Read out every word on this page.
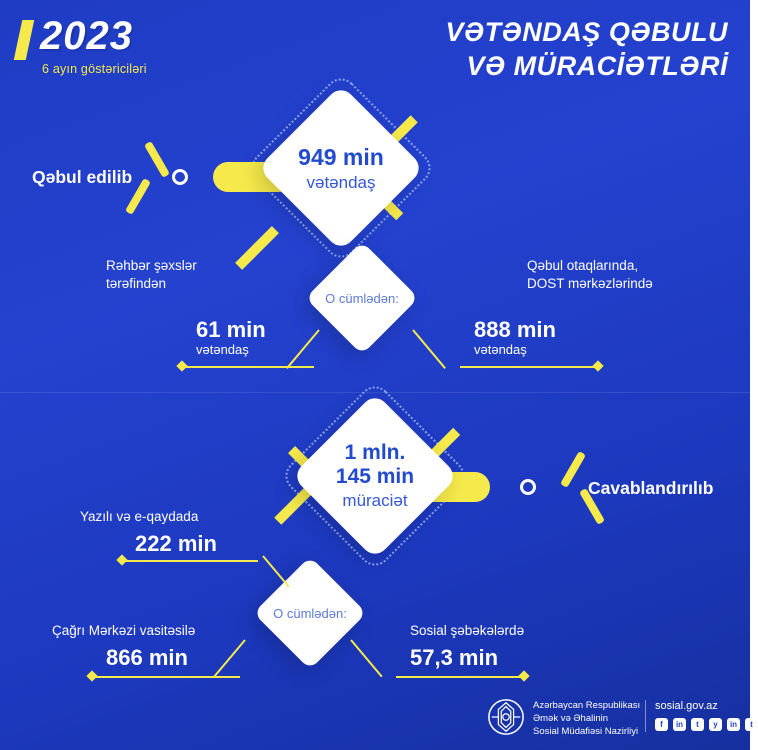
2023
6 ayın göstəriciləri
VƏTƏNDAŞ QƏBULU
VƏ MÜRACİƏTLƏRİ
Qəbul edilib
949 min
vətəndaş
O cümlədən:
Rəhbər şəxslər
tərəfindən
61 min
vətəndaş
Qəbul otaqlarında,
DOST mərkəzlərində
888 min
vətəndaş
Cavablandırılıb
1 mln.
145 min
müraciət
O cümlədən:
Yazılı və e-qaydada
222 min
Çağrı Mərkəzi vasitəsilə
866 min
Sosial şəbəkələrdə
57,3 min
Azərbaycan Respublikası
Əmək və Əhalinin
Sosial Müdafiəsi Nazirliyi
sosial.gov.az
f	in	t	y	in	t
